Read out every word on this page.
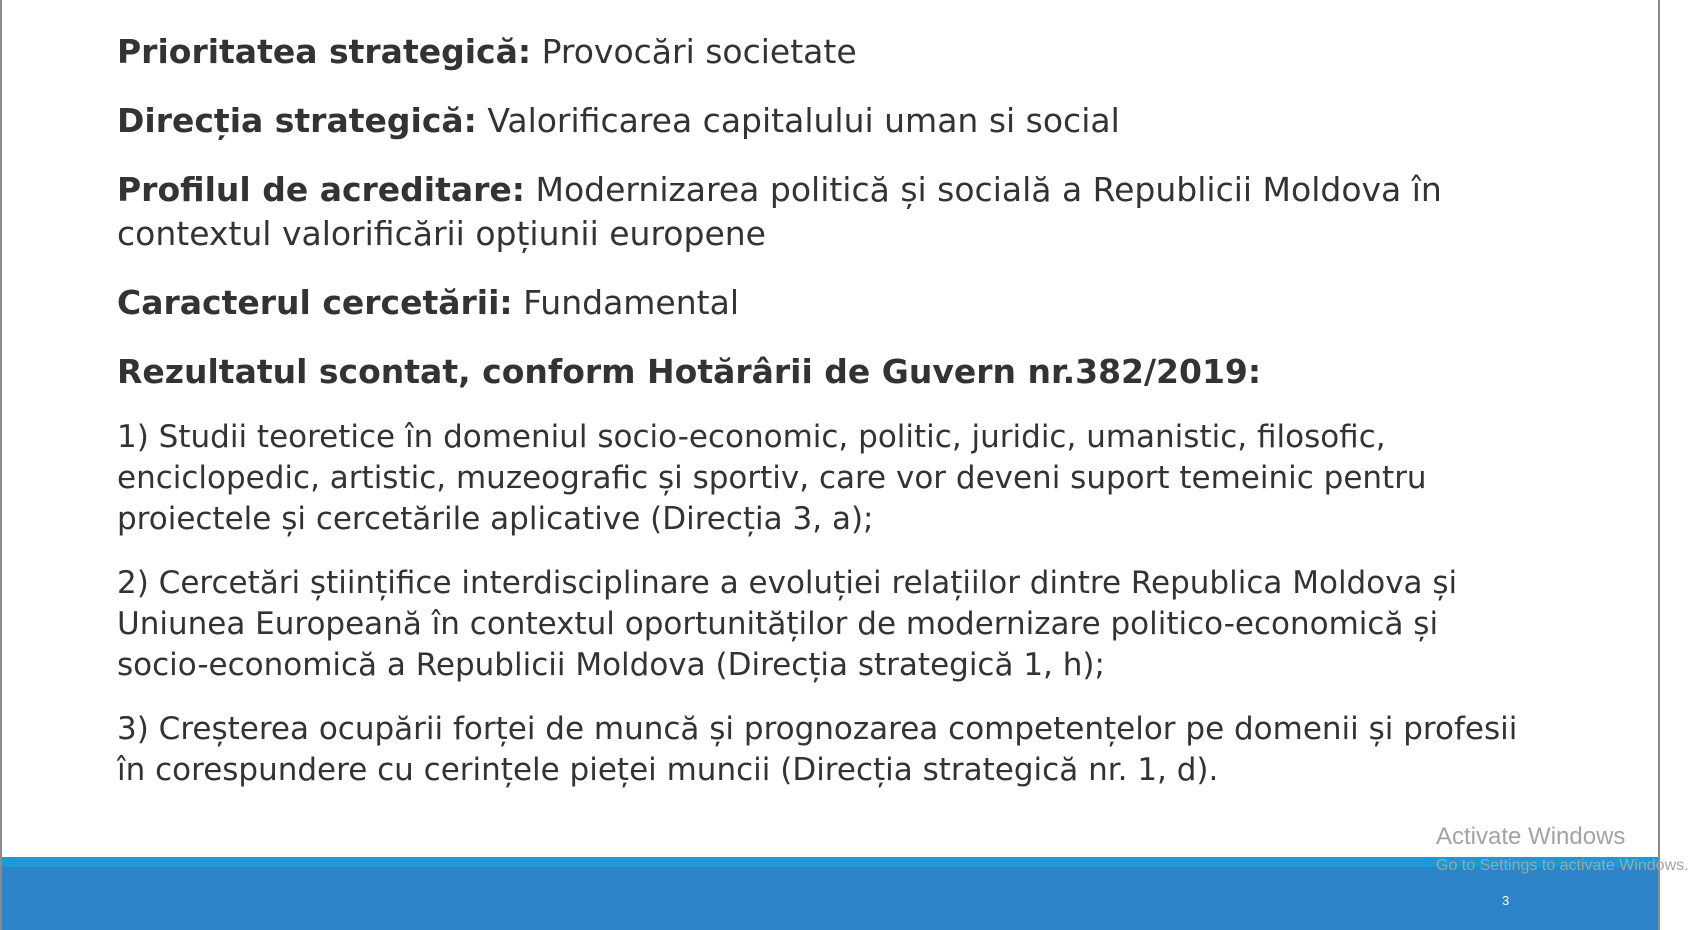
Prioritatea strategică: Provocări societate
Direcția strategică: Valorificarea capitalului uman si social
Profilul de acreditare: Modernizarea politică și socială a Republicii Moldova în contextul valorificării opțiunii europene
Caracterul cercetării: Fundamental
Rezultatul scontat, conform Hotărârii de Guvern nr.382/2019:
1) Studii teoretice în domeniul socio-economic, politic, juridic, umanistic, filosofic, enciclopedic, artistic, muzeografic și sportiv, care vor deveni suport temeinic pentru proiectele și cercetările aplicative (Direcția 3, a);
2) Cercetări științifice interdisciplinare a evoluției relațiilor dintre Republica Moldova și Uniunea Europeană în contextul oportunităților de modernizare politico-economică și socio-economică a Republicii Moldova (Direcția strategică 1, h);
3) Creșterea ocupării forței de muncă și prognozarea competențelor pe domenii și profesii în corespundere cu cerințele pieței muncii (Direcția strategică nr. 1, d).
3
Activate Windows
Go to Settings to activate Windows.
